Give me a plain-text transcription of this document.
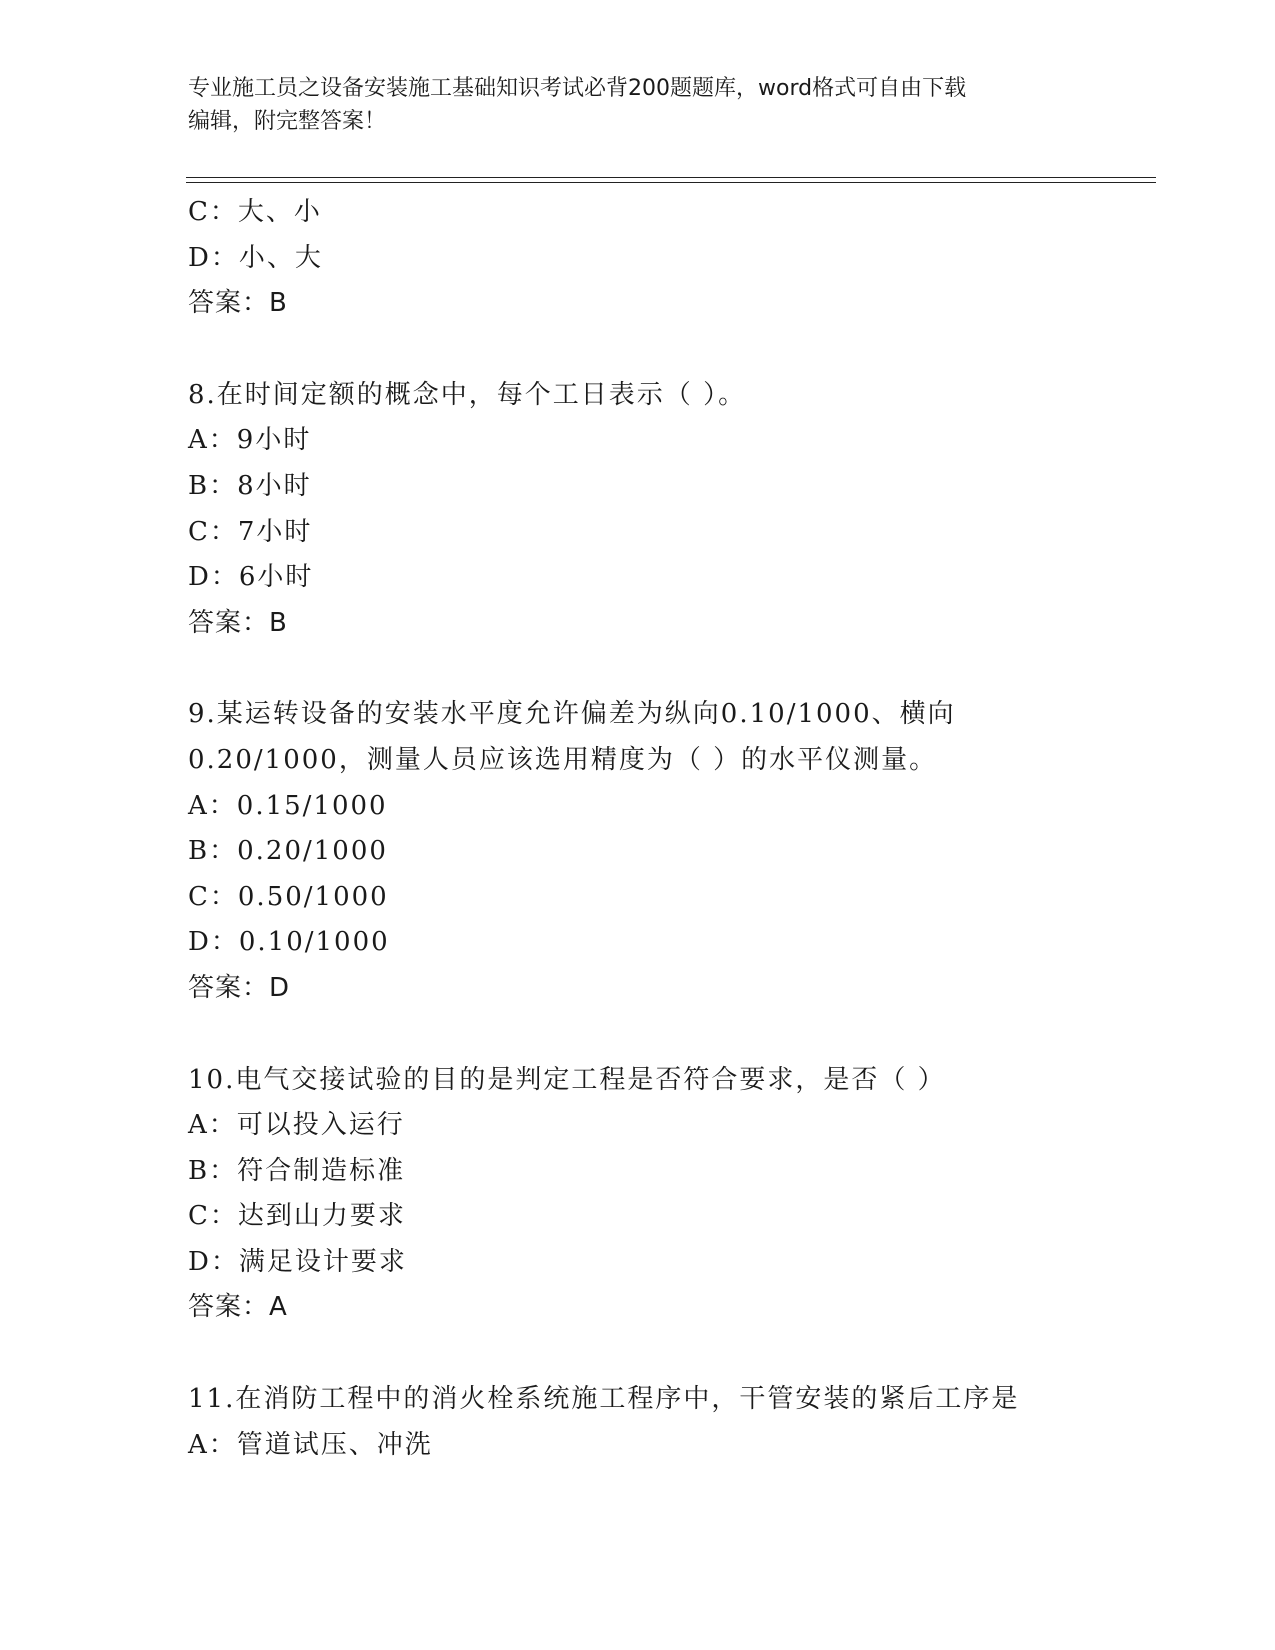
专业施工员之设备安装施工基础知识考试必背200题题库，word格式可自由下载
编辑，附完整答案！
C：大、小
D：小、大
答案：B
8.在时间定额的概念中，每个工日表示（ ）。
A：9小时
B：8小时
C：7小时
D：6小时
答案：B
9.某运转设备的安装水平度允许偏差为纵向0.10/1000、横向
0.20/1000，测量人员应该选用精度为（ ）的水平仪测量。
A：0.15/1000
B：0.20/1000
C：0.50/1000
D：0.10/1000
答案：D
10.电气交接试验的目的是判定工程是否符合要求，是否（ ）
A：可以投入运行
B：符合制造标准
C：达到山力要求
D：满足设计要求
答案：A
11.在消防工程中的消火栓系统施工程序中，干管安装的紧后工序是
A：管道试压、冲洗
